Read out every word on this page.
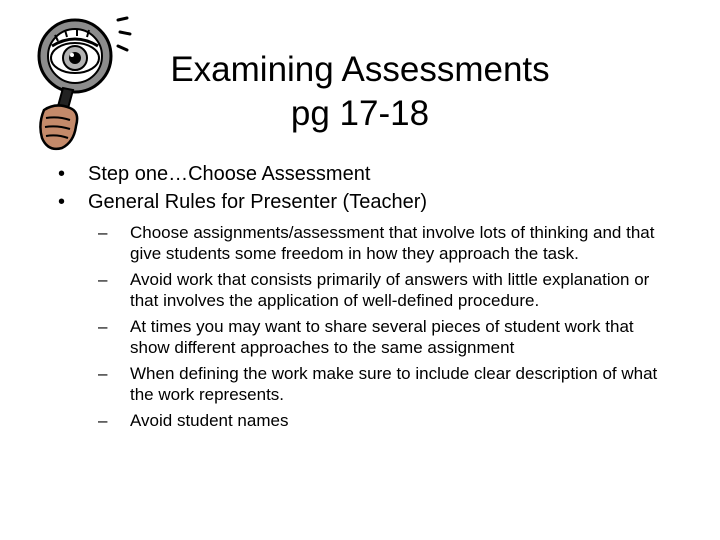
Examining Assessments
pg 17-18
• Step one…Choose Assessment
• General Rules for Presenter (Teacher)
– Choose assignments/assessment that involve lots of thinking and that give students some freedom in how they approach the task.
– Avoid work that consists primarily of answers with little explanation or that involves the application of well-defined procedure.
– At times you may want to share several pieces of student work that show different approaches to the same assignment
– When defining the work make sure to include clear description of what the work represents.
– Avoid student names
